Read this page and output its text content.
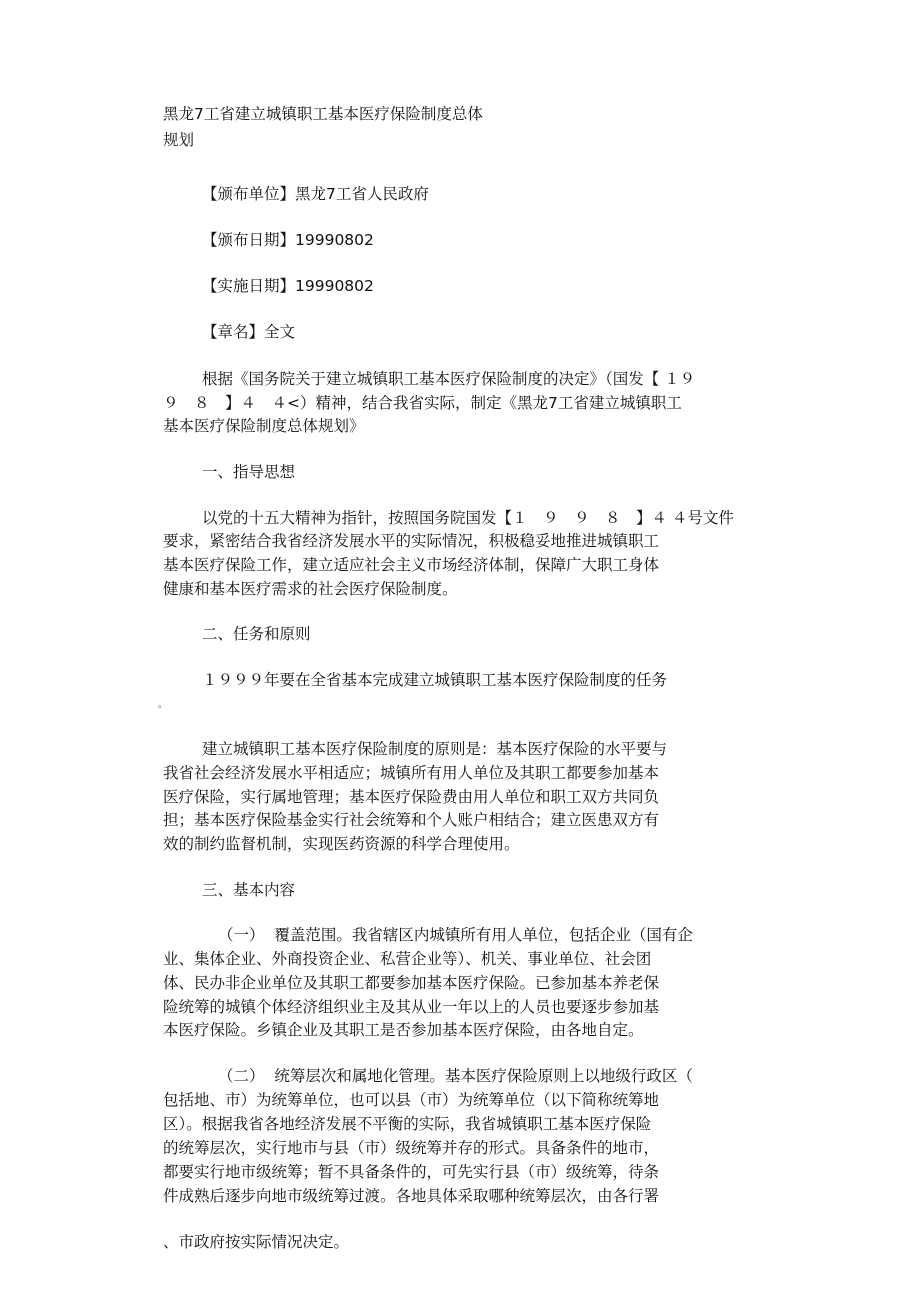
黑龙7工省建立城镇职工基本医疗保险制度总体
规划
【颁布单位】黑龙7工省人民政府
【颁布日期】19990802
【实施日期】19990802
【章名】全文
根据《国务院关于建立城镇职工基本医疗保险制度的决定》（国发【 １９
９　８　】４　４<）精神，结合我省实际，制定《黑龙7工省建立城镇职工
基本医疗保险制度总体规划》
一、指导思想
以党的十五大精神为指针，按照国务院国发【１　９　９　８　】４ ４号文件
要求，紧密结合我省经济发展水平的实际情况，积极稳妥地推进城镇职工
基本医疗保险工作，建立适应社会主义市场经济体制，保障广大职工身体
健康和基本医疗需求的社会医疗保险制度。
二、任务和原则
１９９９年要在全省基本完成建立城镇职工基本医疗保险制度的任务
。
建立城镇职工基本医疗保险制度的原则是：基本医疗保险的水平要与
我省社会经济发展水平相适应；城镇所有用人单位及其职工都要参加基本
医疗保险，实行属地管理；基本医疗保险费由用人单位和职工双方共同负
担；基本医疗保险基金实行社会统筹和个人账户相结合；建立医患双方有
效的制约监督机制，实现医药资源的科学合理使用。
三、基本内容
（一）  覆盖范围。我省辖区内城镇所有用人单位，包括企业（国有企
业、集体企业、外商投资企业、私营企业等）、机关、事业单位、社会团
体、民办非企业单位及其职工都要参加基本医疗保险。已参加基本养老保
险统筹的城镇个体经济组织业主及其从业一年以上的人员也要逐步参加基
本医疗保险。乡镇企业及其职工是否参加基本医疗保险，由各地自定。
（二）  统筹层次和属地化管理。基本医疗保险原则上以地级行政区（
包括地、市）为统筹单位，也可以县（市）为统筹单位（以下简称统筹地
区）。根据我省各地经济发展不平衡的实际，我省城镇职工基本医疗保险
的统筹层次，实行地市与县（市）级统筹并存的形式。具备条件的地市，
都要实行地市级统筹；暂不具备条件的，可先实行县（市）级统筹，待条
件成熟后逐步向地市级统筹过渡。各地具体采取哪种统筹层次，由各行署
、市政府按实际情况决定。
